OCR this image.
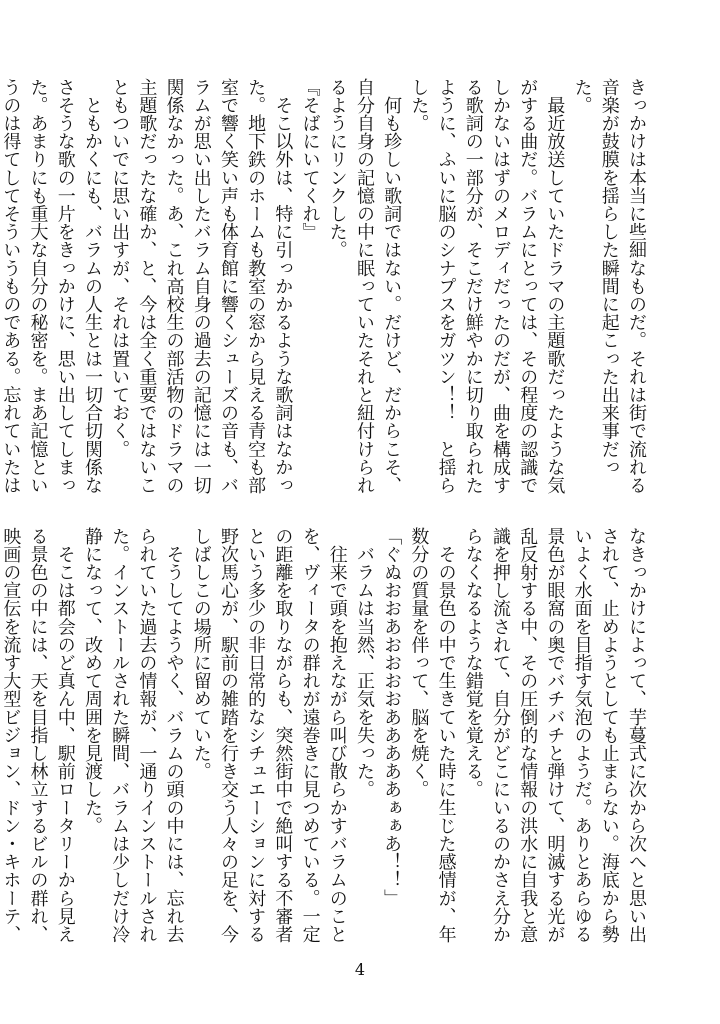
きっかけは本当に些細なものだ。それは街で流れる音楽が鼓膜を揺らした瞬間に起こった出来事だった。

　最近放送していたドラマの主題歌だったような気がする曲だ。バラムにとっては、その程度の認識でしかないはずのメロディだったのだが、曲を構成する歌詞の一部分が、そこだけ鮮やかに切り取られたように、ふいに脳のシナプスをガツン！！　と揺らした。

　何も珍しい歌詞ではない。だけど、だからこそ、自分自身の記憶の中に眠っていたそれと紐付けられるようにリンクした。

『そばにいてくれ』

　そこ以外は、特に引っかかるような歌詞はなかった。地下鉄のホームも教室の窓から見える青空も部室で響く笑い声も体育館に響くシューズの音も、バラムが思い出したバラム自身の過去の記憶には一切関係なかった。あ、これ高校生の部活物のドラマの主題歌だったな確か、と、今は全く重要ではないこともついでに思い出すが、それは置いておく。

　ともかくにも、バラムの人生とは一切合切関係なさそうな歌の一片をきっかけに、思い出してしまった。あまりにも重大な自分の秘密を。まあ記憶というのは得てしてそういうものである。忘れていたは

なきっかけによって、芋蔓式に次から次へと思い出されて、止めようとしても止まらない。海底から勢いよく水面を目指す気泡のようだ。ありとあらゆる景色が眼窩の奥でバチバチと弾けて、明滅する光が乱反射する中、その圧倒的な情報の洪水に自我と意識を押し流されて、自分がどこにいるのかさえ分からなくなるような錯覚を覚える。

　その景色の中で生きていた時に生じた感情が、年数分の質量を伴って、脳を焼く。

「ぐぬおおあおおおおあああああぁぁあ！！」

　バラムは当然、正気を失った。

　往来で頭を抱えながら叫び散らかすバラムのことを、ヴィータの群れが遠巻きに見つめている。一定の距離を取りながらも、突然街中で絶叫する不審者という多少の非日常的なシチュエーションに対する野次馬心が、駅前の雑踏を行き交う人々の足を、今しばしこの場所に留めていた。

　そうしてようやく、バラムの頭の中には、忘れ去られていた過去の情報が、一通りインストールされた。インストールされた瞬間、バラムは少しだけ冷静になって、改めて周囲を見渡した。

　そこは都会のど真ん中、駅前ロータリーから見える景色の中には、天を目指し林立するビルの群れ、映画の宣伝を流す大型ビジョン、ドン・キホーテ、

4
